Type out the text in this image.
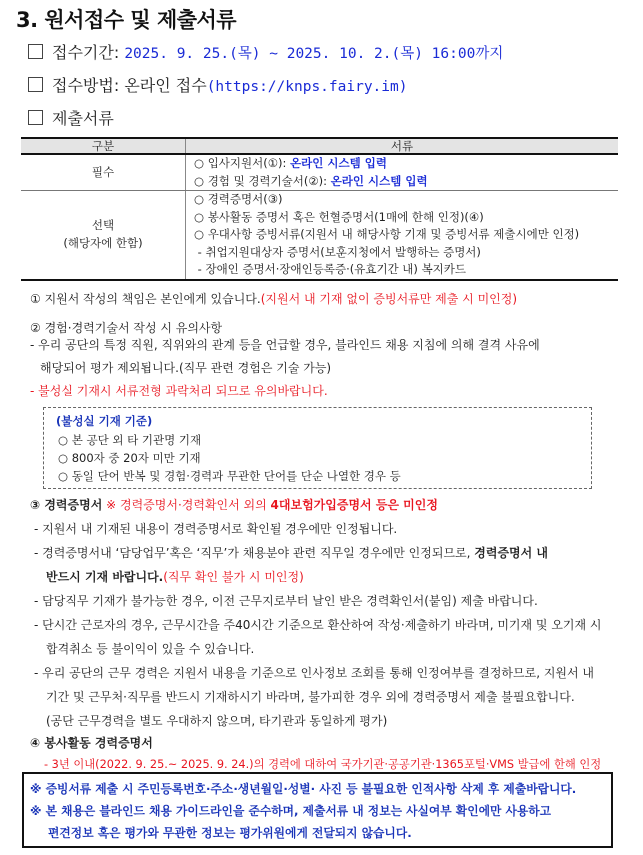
3. 원서접수 및 제출서류
접수기간: 2025. 9. 25.(목) ~ 2025. 10. 2.(목) 16:00까지
접수방법: 온라인 접수(https://knps.fairy.im)
제출서류
구분	서류
필수	○ 입사지원서(①): 온라인 시스템 입력
○ 경험 및 경력기술서(②): 온라인 시스템 입력

선택
(해당자에 한함)	○ 경력증명서(③)
○ 봉사활동 증명서 혹은 헌혈증명서(1매에 한해 인정)(④)
○ 우대사항 증빙서류(지원서 내 해당사항 기재 및 증빙서류 제출시에만 인정)
- 취업지원대상자 증명서(보훈지청에서 발행하는 증명서)
- 장애인 증명서·장애인등록증·(유효기간 내) 복지카드
① 지원서 작성의 책임은 본인에게 있습니다.(지원서 내 기재 없이 증빙서류만 제출 시 미인정)
② 경험·경력기술서 작성 시 유의사항
- 우리 공단의 특정 직원, 직위와의 관계 등을 언급할 경우, 블라인드 채용 지침에 의해 결격 사유에
해당되어 평가 제외됩니다.(직무 관련 경험은 기술 가능)
- 불성실 기재시 서류전형 과락처리 되므로 유의바랍니다.
(불성실 기재 기준)
○ 본 공단 외 타 기관명 기재
○ 800자 중 20자 미만 기재
○ 동일 단어 반복 및 경험·경력과 무관한 단어를 단순 나열한 경우 등
③ 경력증명서 ※ 경력증명서·경력확인서 외의 4대보험가입증명서 등은 미인정
- 지원서 내 기재된 내용이 경력증명서로 확인될 경우에만 인정됩니다.
- 경력증명서내 ‘담당업무’혹은 ‘직무’가 채용분야 관련 직무일 경우에만 인정되므로, 경력증명서 내
반드시 기재 바랍니다.(직무 확인 불가 시 미인정)
- 담당직무 기재가 불가능한 경우, 이전 근무지로부터 날인 받은 경력확인서(붙임) 제출 바랍니다.
- 단시간 근로자의 경우, 근무시간을 주40시간 기준으로 환산하여 작성·제출하기 바라며, 미기재 및 오기재 시
합격취소 등 불이익이 있을 수 있습니다.
- 우리 공단의 근무 경력은 지원서 내용을 기준으로 인사정보 조회를 통해 인정여부를 결정하므로, 지원서 내
기간 및 근무처·직무를 반드시 기재하시기 바라며, 불가피한 경우 외에 경력증명서 제출 불필요합니다.
(공단 근무경력을 별도 우대하지 않으며, 타기관과 동일하게 평가)
④ 봉사활동 경력증명서
- 3년 이내(2022. 9. 25.~ 2025. 9. 24.)의 경력에 대하여 국가기관·공공기관·1365포털·VMS 발급에 한해 인정
※ 증빙서류 제출 시 주민등록번호·주소·생년월일·성별· 사진 등 불필요한 인적사항 삭제 후 제출바랍니다.
※ 본 채용은 블라인드 채용 가이드라인을 준수하며, 제출서류 내 정보는 사실여부 확인에만 사용하고
편견정보 혹은 평가와 무관한 정보는 평가위원에게 전달되지 않습니다.
